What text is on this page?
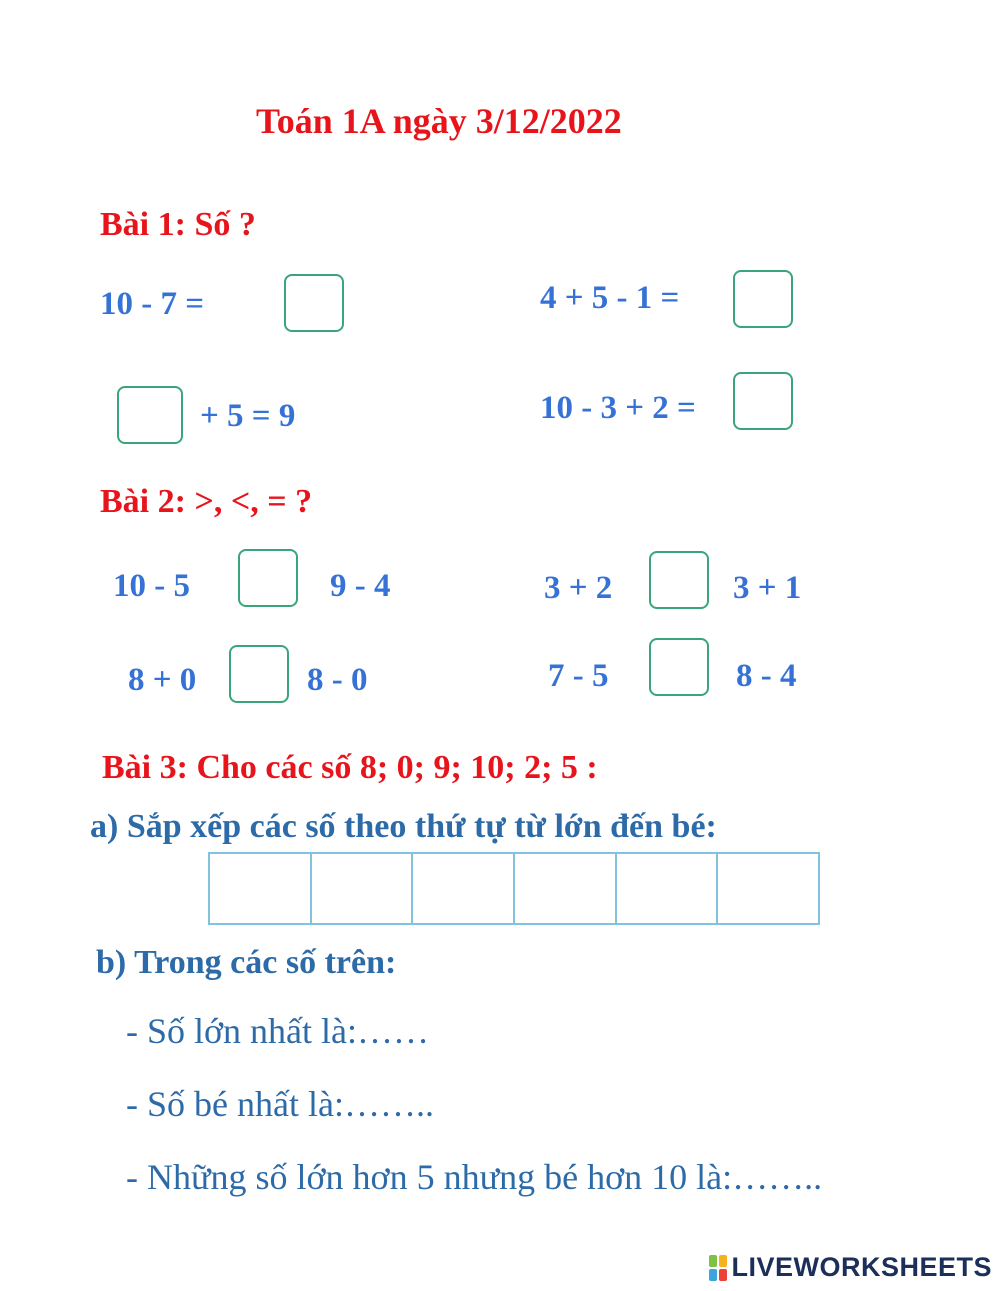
Toán 1A ngày 3/12/2022
Bài 1: Số ?
10 - 7 =	4 + 5 - 1 =
+ 5 = 9	10 - 3 + 2 =
Bài 2: >, <, = ?
10 - 5	9 - 4	3 + 2	3 + 1
8 + 0	8 - 0	7 - 5	8 - 4
Bài 3: Cho các số 8; 0; 9; 10; 2; 5 :
a) Sắp xếp các số theo thứ tự từ lớn đến bé:
b) Trong các số trên:
- Số lớn nhất là:……
- Số bé nhất là:……..
- Những số lớn hơn 5 nhưng bé hơn 10 là:……..
LIVEWORKSHEETS
